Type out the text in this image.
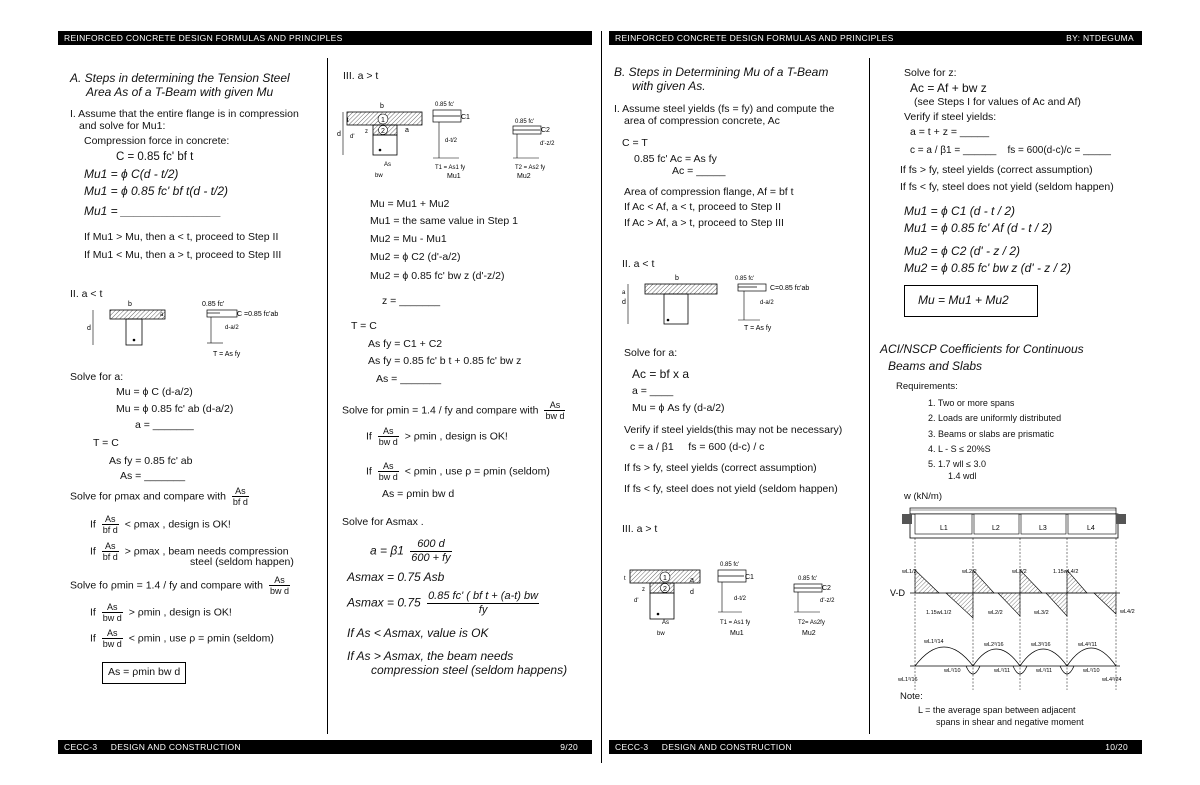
REINFORCED CONCRETE DESIGN FORMULAS AND PRINCIPLES
A. Steps in determining the Tension Steel
Area As of a T-Beam with given Mu
I. Assume that the entire flange is in compression
and solve for Mu1:
Compression force in concrete:
C = 0.85 fc' bf t
Mu1 = ϕ C(d - t/2)
Mu1 = ϕ 0.85 fc' bf t(d - t/2)
Mu1 = _______________
If Mu1 > Mu, then a < t, proceed to Step II
If Mu1 < Mu, then a > t, proceed to Step III
II. a < t
b	0.85 fc'
d
a	C =0.85 fc'ab
d-a/2
T = As fy
Solve for a:
Mu = ϕ C (d-a/2)
Mu = ϕ 0.85 fc' ab (d-a/2)
a = _______
T = C
As fy = 0.85 fc' ab
As = _______
Solve for ρmax and compare with $\frac{As}{\text{bf d}}$
If $\frac{As}{\text{bf d}} < \rho\max$ , design is OK!
If $\frac{As}{\text{bf d}} > \rho\max$ , beam needs compression
steel (seldom happen)
Solve fo ρmin = 1.4 / fy and compare with $\frac{As}{\text{bw d}}$
If $\frac{As}{\text{bw d}} > \rho\min$ , design is OK!
If $\frac{As}{\text{bw d}} < \rho\min$ , use ρ = ρmin (seldom)
As = ρmin bw d
III. a > t
b
1
2
As
bw
d d'
t
z	a
0.85 fc'
C1
d-t/2
T1 = As1 fy
Mu1
0.85 fc'
C2
d'-z/2
T2 = As2 fy
Mu2
Mu = Mu1 + Mu2
Mu1 = the same value in Step 1
Mu2 = Mu - Mu1
Mu2 = ϕ C2 (d'-a/2)
Mu2 = ϕ 0.85 fc' bw z (d'-z/2)
z = _______
T = C
As fy = C1 + C2
As fy = 0.85 fc' b t + 0.85 fc' bw z
As = _______
Solve for ρmin = 1.4 / fy and compare with $\frac{As}{\text{bw d}}$
If $\frac{As}{\text{bw d}} > \rho\min$ , design is OK!
If $\frac{As}{\text{bw d}} < \rho\min$ , use ρ = ρmin (seldom)
As = ρmin bw d
Solve for Asmax .
$a = \beta 1 \frac{600 d}{600 + fy}$
Asmax = 0.75 Asb
$Asmax = 0.75 \frac{\text{0.85 fc' ( bf t + (a-t) bw}}{fy}$
If As < Asmax, value is OK
If As > Asmax, the beam needs
compression steel (seldom happens)
CECC-3     DESIGN AND CONSTRUCTION	9/20
REINFORCED CONCRETE DESIGN FORMULAS AND PRINCIPLES	BY: NTDEGUMA
B. Steps in Determining Mu of a T-Beam
with given As.
I. Assume steel yields (fs = fy) and compute the
area of compression concrete, Ac
C = T
0.85 fc' Ac = As fy
Ac = _____
Area of compression flange, Af = bf t
If Ac < Af, a < t, proceed to Step II
If Ac > Af, a > t, proceed to Step III
II. a < t
b
d
a
0.85 fc'
C=0.85 fc'ab
d-a/2
T = As fy
Solve for a:
Ac = bf x a
a = ____
Mu = ϕ As fy (d-a/2)
Verify if steel yields(this may not be necessary)
c = a / β1     fs = 600 (d-c) / c
If fs > fy, steel yields (correct assumption)
If fs < fy, steel does not yield (seldom happen)
III. a > t
1
2
As
bw
t
z
d'
a
d
0.85 fc'
C1
d-t/2
T1 = As1 fy
Mu1
0.85 fc'
C2
d'-z/2
T2= As2fy
Mu2
Solve for z:
Ac = Af + bw z
(see Steps I for values of Ac and Af)
Verify if steel yields:
a = t + z = _____
c = a / β1 = ______    fs = 600(d-c)/c = _____
If fs > fy, steel yields (correct assumption)
If fs < fy, steel does not yield (seldom happen)
Mu1 = ϕ C1 (d - t / 2)
Mu1 = ϕ 0.85 fc' Af (d - t / 2)
Mu2 = ϕ C2 (d' - z / 2)
Mu2 = ϕ 0.85 fc' bw z (d' - z / 2)
Mu = Mu1 + Mu2
ACI/NSCP Coefficients for Continuous
Beams and Slabs
Requirements:
1. Two or more spans
2. Loads are uniformly distributed
3. Beams or slabs are prismatic
4. L - S ≤ 20%S
5. 1.7 wll ≤ 3.0
1.4 wdl
w (kN/m)
L1	L2	L3	L4
V-D
wL1/2
1.15wL1/2
wL2/2
wL2/2
wL3/2
wL3/2
1.15wL4/2
wL4/2
wL1²/14	wL2²/16	wL3²/16	wL4²/11
wL²/10	wL²/11	wL²/11	wL²/10
wL1²/16	wL4²/24
Note:
L = the average span between adjacent
spans in shear and negative moment
CECC-3     DESIGN AND CONSTRUCTION	10/20
